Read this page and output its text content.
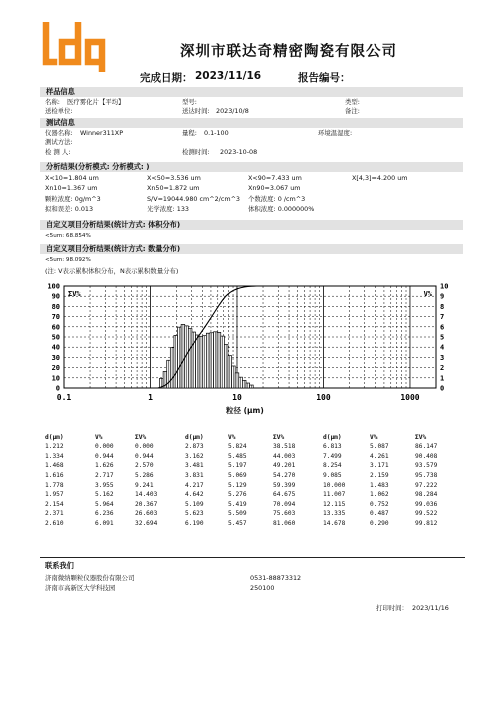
深圳市联达奇精密陶瓷有限公司
完成日期： 2023/11/16	报告编号：
样品信息
名称: 医疗雾化片【平均】	型号:	类型:
送检单位:	送达时间: 2023/10/8	备注:
测试信息
仪器名称: Winner311XP	量程: 0.1-100	环境温湿度:
测试方法:
检 测 人:	检测时间: 2023-10-08
分析结果(分析模式: 分析模式: )
X<10=1.804 um	X<50=3.536 um	X<90=7.433 um	X[4,3]=4.200 um
Xn10=1.367 um	Xn50=1.872 um	Xn90=3.067 um
颗粒浓度: 0g/m^3	S/V=19044.980 cm^2/cm^3 个数浓度: 0 /cm^3
拟和误差: 0.013	光学浓度: 133	体积浓度: 0.000000%
自定义项目分析结果(统计方式: 体积分布)
<5um: 68.854%
自定义项目分析结果(统计方式: 数量分布)
<5um: 98.092%
(注: V表示累积体积分布，N表示累积数量分布)
0
10
20
30
40
50
60
70
80
90
100
0
1
2
3
4
5
6
7
8
9
10
0.1	1	10	100	1000
ΣV%	V%
粒径 (μm)
d(μm)	V%	ΣV%	d(μm)	V%	ΣV%	d(μm)	V%	ΣV%
1.212	0.000	0.000	2.873	5.824	38.518	6.813	5.087	86.147
1.334	0.944	0.944	3.162	5.485	44.003	7.499	4.261	90.408
1.468	1.626	2.570	3.481	5.197	49.201	8.254	3.171	93.579
1.616	2.717	5.286	3.831	5.069	54.270	9.085	2.159	95.738
1.778	3.955	9.241	4.217	5.129	59.399	10.000	1.483	97.222
1.957	5.162	14.403	4.642	5.276	64.675	11.007	1.062	98.284
2.154	5.964	20.367	5.109	5.419	70.094	12.115	0.752	99.036
2.371	6.236	26.603	5.623	5.509	75.603	13.335	0.487	99.522
2.610	6.091	32.694	6.190	5.457	81.060	14.678	0.290	99.812
联系我们
济南微纳颗粒仪器股份有限公司	0531-88873312
济南市高新区大学科技园	250100
打印时间： 2023/11/16
